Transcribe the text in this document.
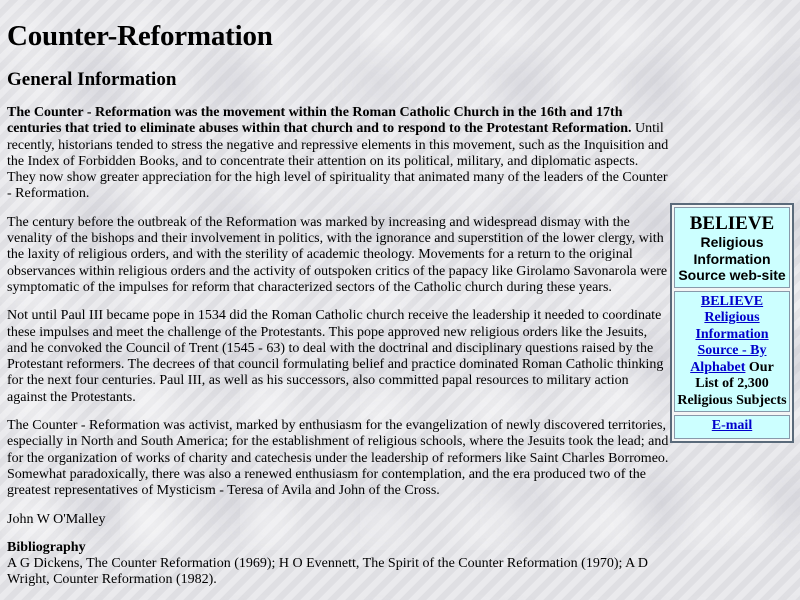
Counter-Reformation
General Information

The Counter - Reformation was the movement within the Roman Catholic Church in the 16th and 17th centuries that tried to eliminate abuses within that church and to respond to the Protestant Reformation. Until recently, historians tended to stress the negative and repressive elements in this movement, such as the Inquisition and the Index of Forbidden Books, and to concentrate their attention on its political, military, and diplomatic aspects. They now show greater appreciation for the high level of spirituality that animated many of the leaders of the Counter - Reformation.

The century before the outbreak of the Reformation was marked by increasing and widespread dismay with the venality of the bishops and their involvement in politics, with the ignorance and superstition of the lower clergy, with the laxity of religious orders, and with the sterility of academic theology. Movements for a return to the original observances within religious orders and the activity of outspoken critics of the papacy like Girolamo Savonarola were symptomatic of the impulses for reform that characterized sectors of the Catholic church during these years.

Not until Paul III became pope in 1534 did the Roman Catholic church receive the leadership it needed to coordinate these impulses and meet the challenge of the Protestants. This pope approved new religious orders like the Jesuits, and he convoked the Council of Trent (1545 - 63) to deal with the doctrinal and disciplinary questions raised by the Protestant reformers. The decrees of that council formulating belief and practice dominated Roman Catholic thinking for the next four centuries. Paul III, as well as his successors, also committed papal resources to military action against the Protestants.

The Counter - Reformation was activist, marked by enthusiasm for the evangelization of newly discovered territories, especially in North and South America; for the establishment of religious schools, where the Jesuits took the lead; and for the organization of works of charity and catechesis under the leadership of reformers like Saint Charles Borromeo. Somewhat paradoxically, there was also a renewed enthusiasm for contemplation, and the era produced two of the greatest representatives of Mysticism - Teresa of Avila and John of the Cross.

John W O'Malley

Bibliography
A G Dickens, The Counter Reformation (1969); H O Evennett, The Spirit of the Counter Reformation (1970); A D Wright, Counter Reformation (1982).

BELIEVE
Religious Information Source web-site
BELIEVE Religious Information Source - By Alphabet Our List of 2,300 Religious Subjects
E-mail
